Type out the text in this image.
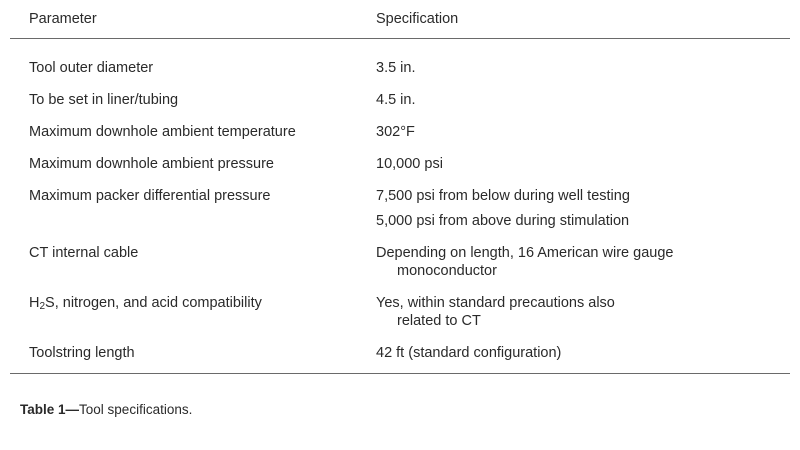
Parameter	Specification
Tool outer diameter	3.5 in.
To be set in liner/tubing	4.5 in.
Maximum downhole ambient temperature	302°F
Maximum downhole ambient pressure	10,000 psi
Maximum packer differential pressure	7,500 psi from below during well testing
5,000 psi from above during stimulation
CT internal cable	Depending on length, 16 American wire gauge
monoconductor
$H_2S$, nitrogen, and acid compatibility	Yes, within standard precautions also
related to CT
Toolstring length	42 ft (standard configuration)
Table 1—Tool specifications.
